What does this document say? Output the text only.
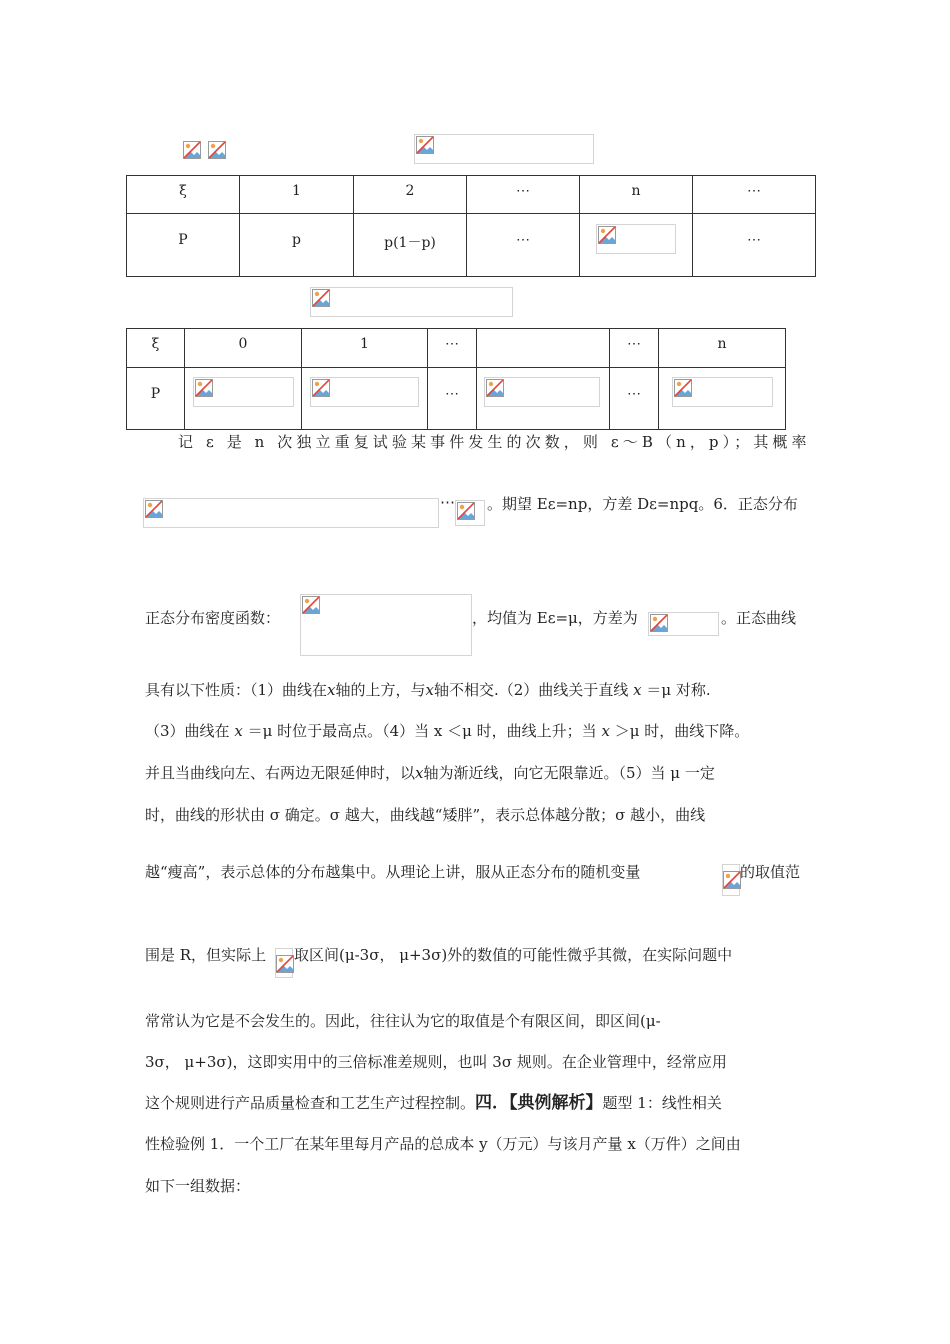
ξ	1	2	⋯	n	⋯
P	p	p(1－p)	⋯		⋯
ξ	0	1	⋯		⋯	n
P			⋯		⋯	
记 ε 是 n 次独立重复试验某事件发生的次数，则 ε～B（n，p）；其概率
⋯ 。期望 Eε=np，方差 Dε=npq。6．正态分布
正态分布密度函数：	，均值为 Eε=μ，方差为	。正态曲线
具有以下性质：（1）曲线在x轴的上方，与x轴不相交.（2）曲线关于直线 x ＝μ 对称.
（3）曲线在 x ＝μ 时位于最高点。（4）当 x ＜μ 时，曲线上升；当 x ＞μ 时，曲线下降。
并且当曲线向左、右两边无限延伸时，以x轴为渐近线，向它无限靠近。（5）当 μ 一定
时，曲线的形状由 σ 确定。σ 越大，曲线越“矮胖”，表示总体越分散；σ 越小，曲线
越“瘦高”，表示总体的分布越集中。从理论上讲，服从正态分布的随机变量	的取值范
围是 R，但实际上 取区间(μ-3σ， μ+3σ)外的数值的可能性微乎其微，在实际问题中
常常认为它是不会发生的。因此，往往认为它的取值是个有限区间，即区间(μ-
3σ， μ+3σ)，这即实用中的三倍标准差规则，也叫 3σ 规则。在企业管理中，经常应用
这个规则进行产品质量检查和工艺生产过程控制。四．【典例解析】题型 1：线性相关
性检验例 1．一个工厂在某年里每月产品的总成本 y（万元）与该月产量 x（万件）之间由
如下一组数据：
